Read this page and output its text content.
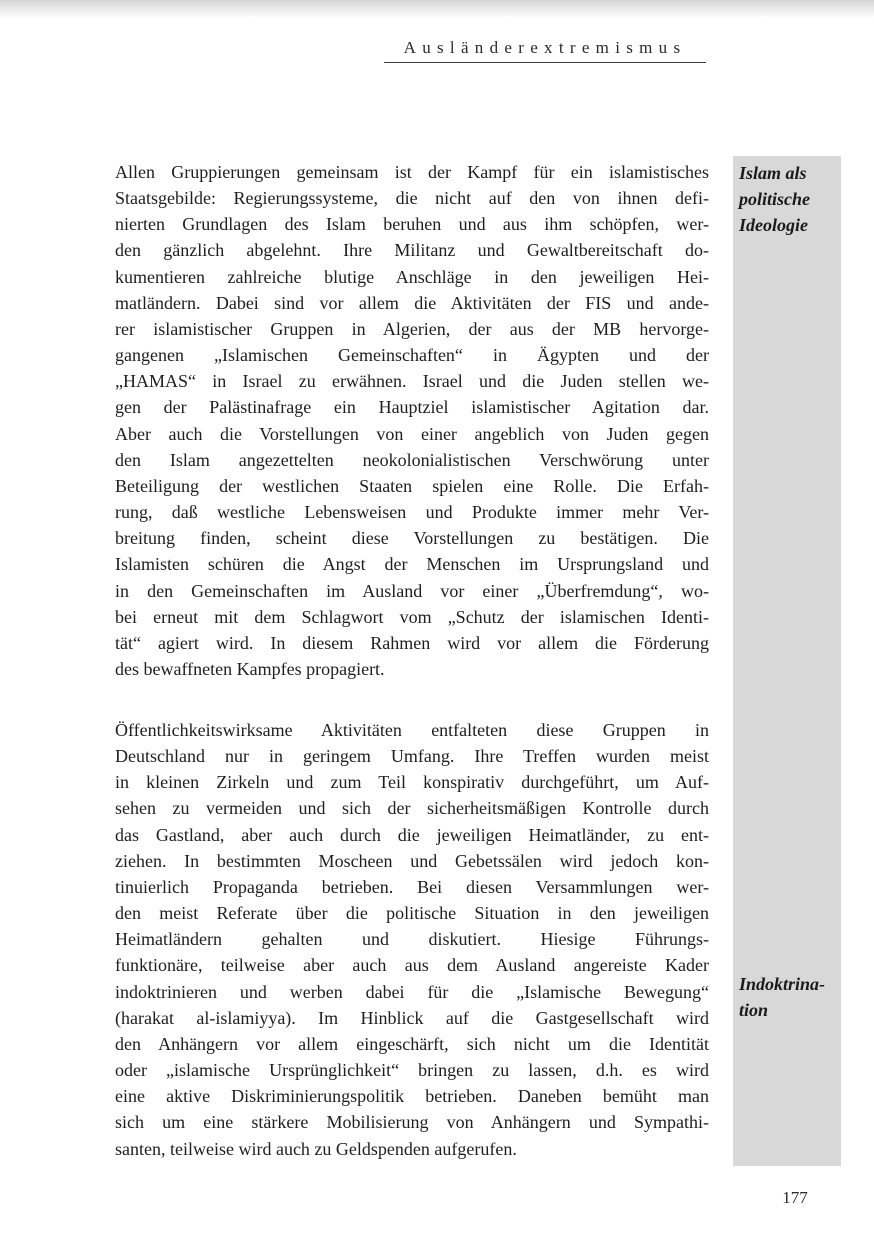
Ausländerextremismus
Islam als
politische
Ideologie
Indoktrina-
tion
Allen Gruppierungen gemeinsam ist der Kampf für ein islamistisches
Staatsgebilde: Regierungssysteme, die nicht auf den von ihnen defi-
nierten Grundlagen des Islam beruhen und aus ihm schöpfen, wer-
den gänzlich abgelehnt. Ihre Militanz und Gewaltbereitschaft do-
kumentieren zahlreiche blutige Anschläge in den jeweiligen Hei-
matländern. Dabei sind vor allem die Aktivitäten der FIS und ande-
rer islamistischer Gruppen in Algerien, der aus der MB hervorge-
gangenen „Islamischen Gemeinschaften“ in Ägypten und der
„HAMAS“ in Israel zu erwähnen. Israel und die Juden stellen we-
gen der Palästinafrage ein Hauptziel islamistischer Agitation dar.
Aber auch die Vorstellungen von einer angeblich von Juden gegen
den Islam angezettelten neokolonialistischen Verschwörung unter
Beteiligung der westlichen Staaten spielen eine Rolle. Die Erfah-
rung, daß westliche Lebensweisen und Produkte immer mehr Ver-
breitung finden, scheint diese Vorstellungen zu bestätigen. Die
Islamisten schüren die Angst der Menschen im Ursprungsland und
in den Gemeinschaften im Ausland vor einer „Überfremdung“, wo-
bei erneut mit dem Schlagwort vom „Schutz der islamischen Identi-
tät“ agiert wird. In diesem Rahmen wird vor allem die Förderung
des bewaffneten Kampfes propagiert.
Öffentlichkeitswirksame Aktivitäten entfalteten diese Gruppen in
Deutschland nur in geringem Umfang. Ihre Treffen wurden meist
in kleinen Zirkeln und zum Teil konspirativ durchgeführt, um Auf-
sehen zu vermeiden und sich der sicherheitsmäßigen Kontrolle durch
das Gastland, aber auch durch die jeweiligen Heimatländer, zu ent-
ziehen. In bestimmten Moscheen und Gebetssälen wird jedoch kon-
tinuierlich Propaganda betrieben. Bei diesen Versammlungen wer-
den meist Referate über die politische Situation in den jeweiligen
Heimatländern gehalten und diskutiert. Hiesige Führungs-
funktionäre, teilweise aber auch aus dem Ausland angereiste Kader
indoktrinieren und werben dabei für die „Islamische Bewegung“
(harakat al-islamiyya). Im Hinblick auf die Gastgesellschaft wird
den Anhängern vor allem eingeschärft, sich nicht um die Identität
oder „islamische Ursprünglichkeit“ bringen zu lassen, d.h. es wird
eine aktive Diskriminierungspolitik betrieben. Daneben bemüht man
sich um eine stärkere Mobilisierung von Anhängern und Sympathi-
santen, teilweise wird auch zu Geldspenden aufgerufen.
177
